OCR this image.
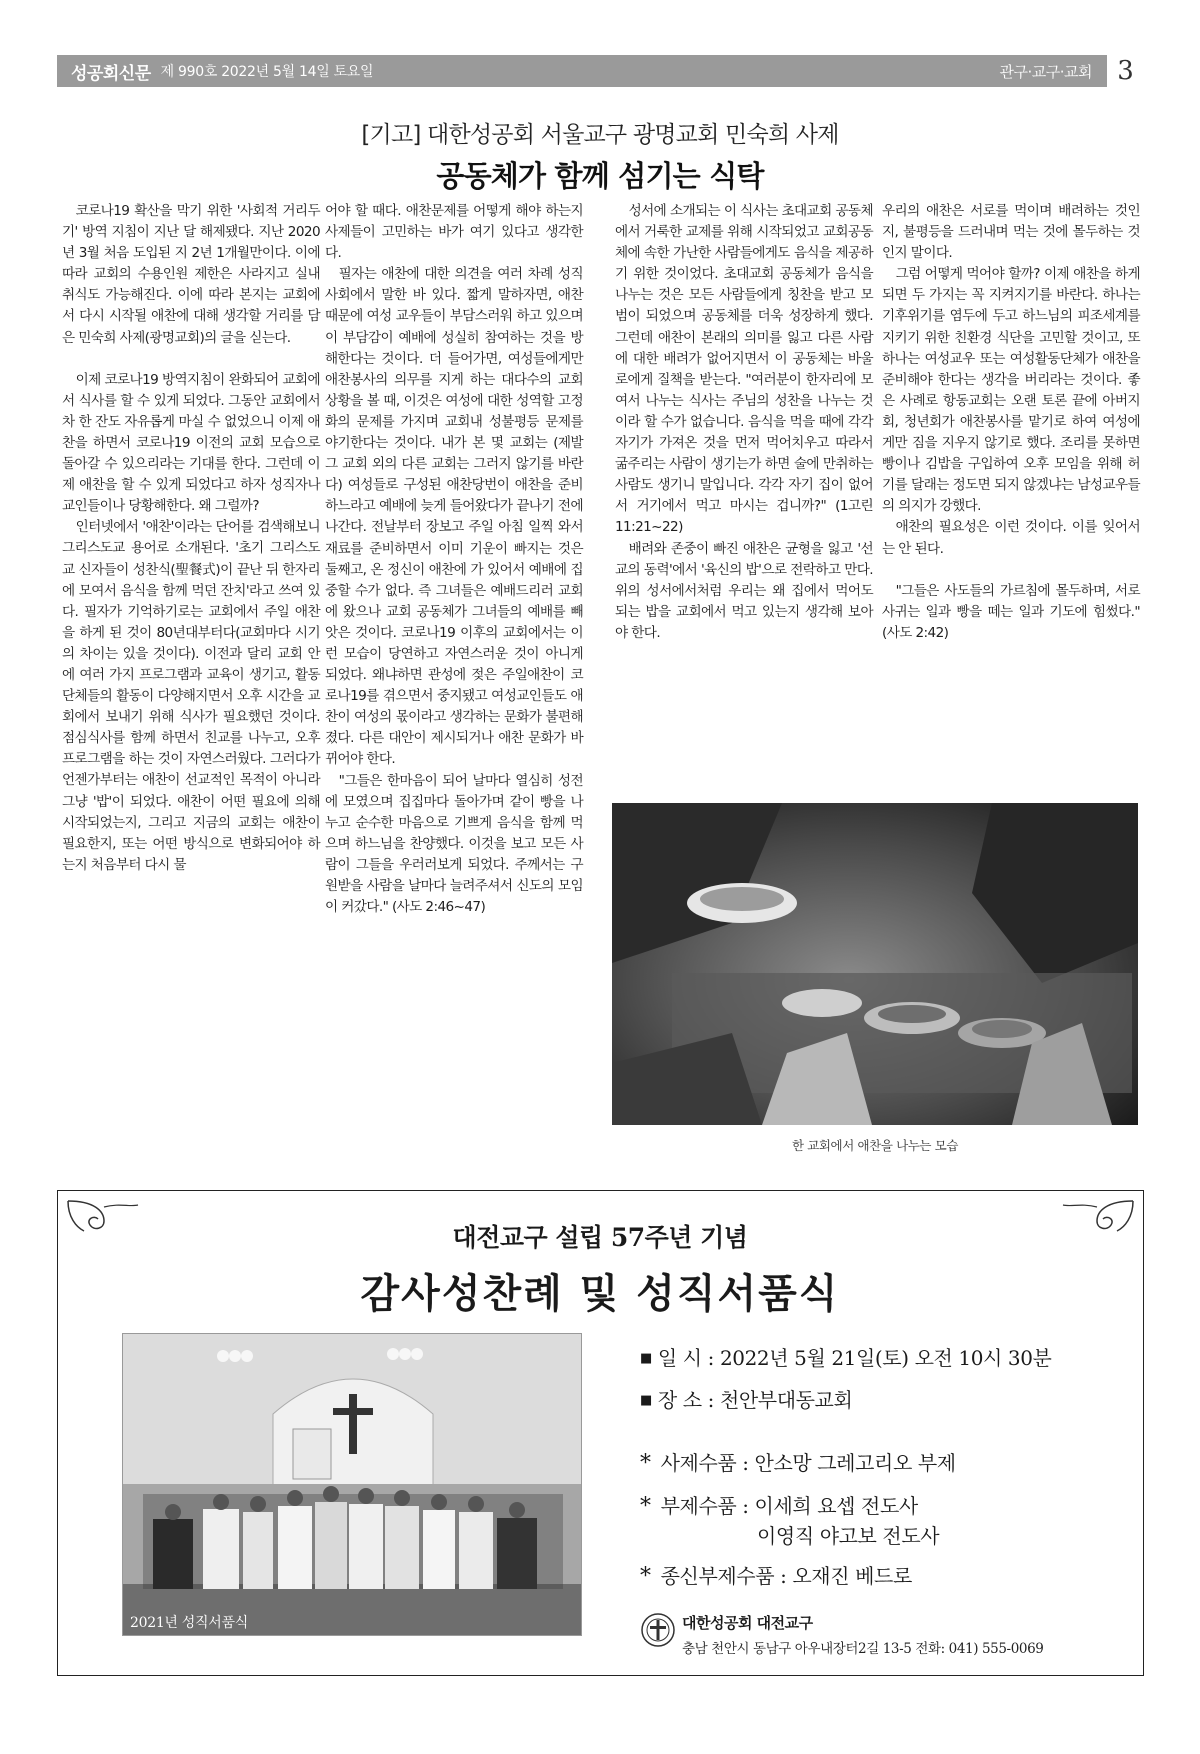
성공회신문 제 990호 2022년 5월 14일 토요일	관구·교구·교회 3
[기고] 대한성공회 서울교구 광명교회 민숙희 사제
공동체가 함께 섬기는 식탁

코로나19 확산을 막기 위한 '사회적 거리두기' 방역 지침이 지난 달 해제됐다. 지난 2020년 3월 처음 도입된 지 2년 1개월만이다. 이에 따라 교회의 수용인원 제한은 사라지고 실내 취식도 가능해진다. 이에 따라 본지는 교회에서 다시 시작될 애찬에 대해 생각할 거리를 담은 민숙희 사제(광명교회)의 글을 싣는다.

이제 코로나19 방역지침이 완화되어 교회에서 식사를 할 수 있게 되었다. 그동안 교회에서 차 한 잔도 자유롭게 마실 수 없었으니 이제 애찬을 하면서 코로나19 이전의 교회 모습으로 돌아갈 수 있으리라는 기대를 한다. 그런데 이제 애찬을 할 수 있게 되었다고 하자 성직자나 교인들이나 당황해한다. 왜 그럴까?

인터넷에서 '애찬'이라는 단어를 검색해보니 그리스도교 용어로 소개된다. '초기 그리스도교 신자들이 성찬식(聖餐式)이 끝난 뒤 한자리에 모여서 음식을 함께 먹던 잔치'라고 쓰여 있다. 필자가 기억하기로는 교회에서 주일 애찬을 하게 된 것이 80년대부터다(교회마다 시기의 차이는 있을 것이다). 이전과 달리 교회 안에 여러 가지 프로그램과 교육이 생기고, 활동단체들의 활동이 다양해지면서 오후 시간을 교회에서 보내기 위해 식사가 필요했던 것이다. 점심식사를 함께 하면서 친교를 나누고, 오후 프로그램을 하는 것이 자연스러웠다. 그러다가 언젠가부터는 애찬이 선교적인 목적이 아니라 그냥 '밥'이 되었다. 애찬이 어떤 필요에 의해 시작되었는지, 그리고 지금의 교회는 애찬이 필요한지, 또는 어떤 방식으로 변화되어야 하는지 처음부터 다시 물

어야 할 때다. 애찬문제를 어떻게 해야 하는지 사제들이 고민하는 바가 여기 있다고 생각한다.

필자는 애찬에 대한 의견을 여러 차례 성직사회에서 말한 바 있다. 짧게 말하자면, 애찬 때문에 여성 교우들이 부담스러워 하고 있으며 이 부담감이 예배에 성실히 참여하는 것을 방해한다는 것이다. 더 들어가면, 여성들에게만 애찬봉사의 의무를 지게 하는 대다수의 교회 상황을 볼 때, 이것은 여성에 대한 성역할 고정화의 문제를 가지며 교회내 성불평등 문제를 야기한다는 것이다. 내가 본 몇 교회는 (제발 그 교회 외의 다른 교회는 그러지 않기를 바란다) 여성들로 구성된 애찬당번이 애찬을 준비하느라고 예배에 늦게 들어왔다가 끝나기 전에 나간다. 전날부터 장보고 주일 아침 일찍 와서 재료를 준비하면서 이미 기운이 빠지는 것은 둘째고, 온 정신이 애찬에 가 있어서 예배에 집중할 수가 없다. 즉 그녀들은 예배드리러 교회에 왔으나 교회 공동체가 그녀들의 예배를 빼앗은 것이다. 코로나19 이후의 교회에서는 이런 모습이 당연하고 자연스러운 것이 아니게 되었다. 왜냐하면 관성에 젖은 주일애찬이 코로나19를 겪으면서 중지됐고 여성교인들도 애찬이 여성의 몫이라고 생각하는 문화가 불편해졌다. 다른 대안이 제시되거나 애찬 문화가 바뀌어야 한다.

"그들은 한마음이 되어 날마다 열심히 성전에 모였으며 집집마다 돌아가며 같이 빵을 나누고 순수한 마음으로 기쁘게 음식을 함께 먹으며 하느님을 찬양했다. 이것을 보고 모든 사람이 그들을 우러러보게 되었다. 주께서는 구원받을 사람을 날마다 늘려주셔서 신도의 모임이 커갔다." (사도 2:46~47)

성서에 소개되는 이 식사는 초대교회 공동체에서 거룩한 교제를 위해 시작되었고 교회공동체에 속한 가난한 사람들에게도 음식을 제공하기 위한 것이었다. 초대교회 공동체가 음식을 나누는 것은 모든 사람들에게 칭찬을 받고 모범이 되었으며 공동체를 더욱 성장하게 했다. 그런데 애찬이 본래의 의미를 잃고 다른 사람에 대한 배려가 없어지면서 이 공동체는 바울로에게 질책을 받는다. "여러분이 한자리에 모여서 나누는 식사는 주님의 성찬을 나누는 것이라 할 수가 없습니다. 음식을 먹을 때에 각각 자기가 가져온 것을 먼저 먹어치우고 따라서 굶주리는 사람이 생기는가 하면 술에 만취하는 사람도 생기니 말입니다. 각각 자기 집이 없어서 거기에서 먹고 마시는 겁니까?" (1고린 11:21~22)

배려와 존중이 빠진 애찬은 균형을 잃고 '선교의 동력'에서 '육신의 밥'으로 전락하고 만다. 위의 성서에서처럼 우리는 왜 집에서 먹어도 되는 밥을 교회에서 먹고 있는지 생각해 보아야 한다.

우리의 애찬은 서로를 먹이며 배려하는 것인지, 불평등을 드러내며 먹는 것에 몰두하는 것인지 말이다.

그럼 어떻게 먹어야 할까? 이제 애찬을 하게 되면 두 가지는 꼭 지켜지기를 바란다. 하나는 기후위기를 염두에 두고 하느님의 피조세계를 지키기 위한 친환경 식단을 고민할 것이고, 또 하나는 여성교우 또는 여성활동단체가 애찬을 준비해야 한다는 생각을 버리라는 것이다. 좋은 사례로 항동교회는 오랜 토론 끝에 아버지회, 청년회가 애찬봉사를 맡기로 하여 여성에게만 짐을 지우지 않기로 했다. 조리를 못하면 빵이나 김밥을 구입하여 오후 모임을 위해 허기를 달래는 정도면 되지 않겠냐는 남성교우들의 의지가 강했다.

애찬의 필요성은 이런 것이다. 이를 잊어서는 안 된다.

"그들은 사도들의 가르침에 몰두하며, 서로 사귀는 일과 빵을 떼는 일과 기도에 힘썼다." (사도 2:42)

한 교회에서 애찬을 나누는 모습
대전교구 설립 57주년 기념
감사성찬례 및 성직서품식
2021년 성직서품식
■ 일 시 : 2022년 5월 21일(토) 오전 10시 30분
■ 장 소 : 천안부대동교회
* 사제수품 : 안소망 그레고리오 부제
* 부제수품 : 이세희 요셉 전도사
이영직 야고보 전도사
* 종신부제수품 : 오재진 베드로
대한성공회 대전교구
충남 천안시 동남구 아우내장터2길 13-5 전화: 041) 555-0069
